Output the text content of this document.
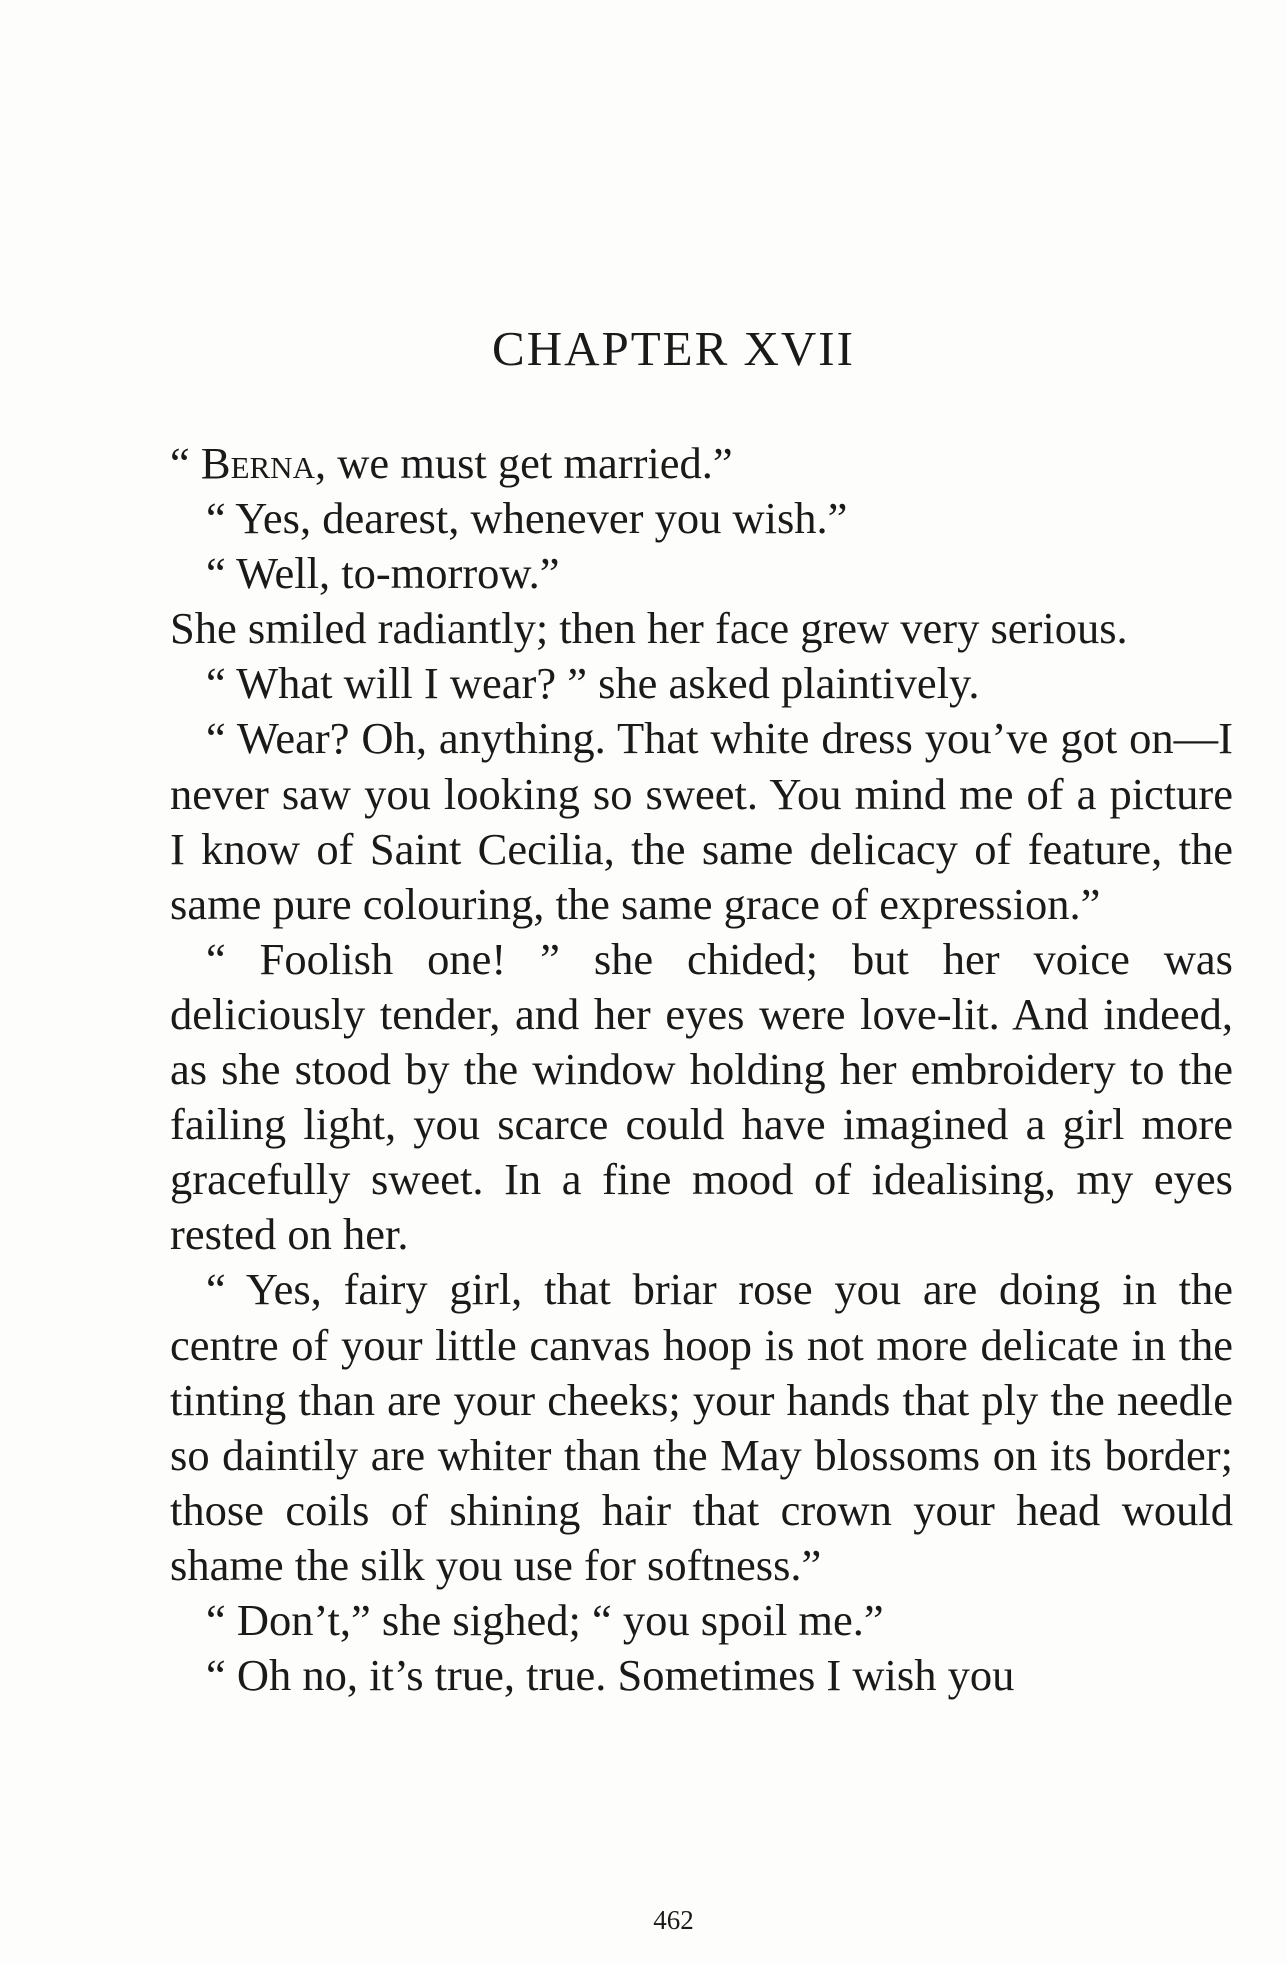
CHAPTER XVII

“ Berna, we must get married.”

“ Yes, dearest, whenever you wish.”

“ Well, to-morrow.”

She smiled radiantly; then her face grew very serious.

“ What will I wear? ” she asked plaintively.

“ Wear? Oh, anything. That white dress you’ve got on—I never saw you looking so sweet. You mind me of a picture I know of Saint Cecilia, the same delicacy of feature, the same pure colouring, the same grace of expression.”

“ Foolish one! ” she chided; but her voice was deliciously tender, and her eyes were love-lit. And indeed, as she stood by the window holding her embroidery to the failing light, you scarce could have imagined a girl more gracefully sweet. In a fine mood of idealising, my eyes rested on her.

“ Yes, fairy girl, that briar rose you are doing in the centre of your little canvas hoop is not more delicate in the tinting than are your cheeks; your hands that ply the needle so daintily are whiter than the May blossoms on its border; those coils of shining hair that crown your head would shame the silk you use for softness.”

“ Don’t,” she sighed; “ you spoil me.”

“ Oh no, it’s true, true. Sometimes I wish you

462
